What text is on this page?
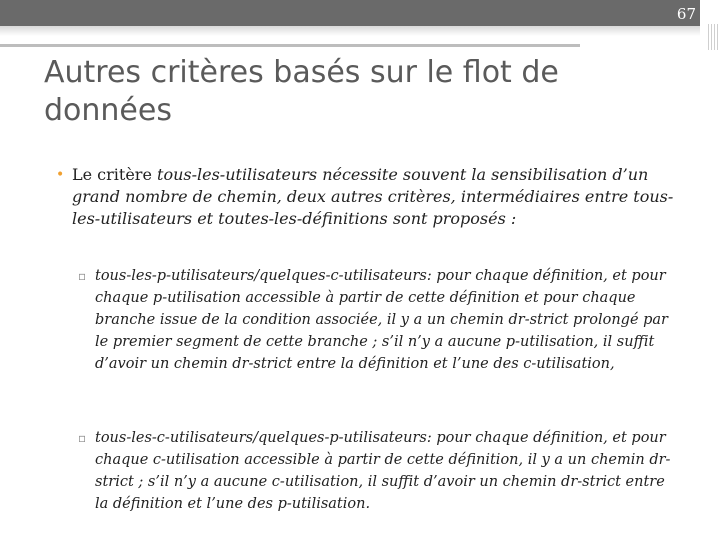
67
Autres critères basés sur le flot de données
• Le critère tous-les-utilisateurs nécessite souvent la sensibilisation d’un grand nombre de chemin, deux autres critères, intermédiaires entre tous-les-utilisateurs et toutes-les-définitions sont proposés :
▫ tous-les-p-utilisateurs/quelques-c-utilisateurs: pour chaque définition, et pour chaque p-utilisation accessible à partir de cette définition et pour chaque branche issue de la condition associée, il y a un chemin dr-strict prolongé par le premier segment de cette branche ; s’il n’y a aucune p-utilisation, il suffit d’avoir un chemin dr-strict entre la définition et l’une des c-utilisation,
▫ tous-les-c-utilisateurs/quelques-p-utilisateurs: pour chaque définition, et pour chaque c-utilisation accessible à partir de cette définition, il y a un chemin dr-strict ; s’il n’y a aucune c-utilisation, il suffit d’avoir un chemin dr-strict entre la définition et l’une des p-utilisation.
